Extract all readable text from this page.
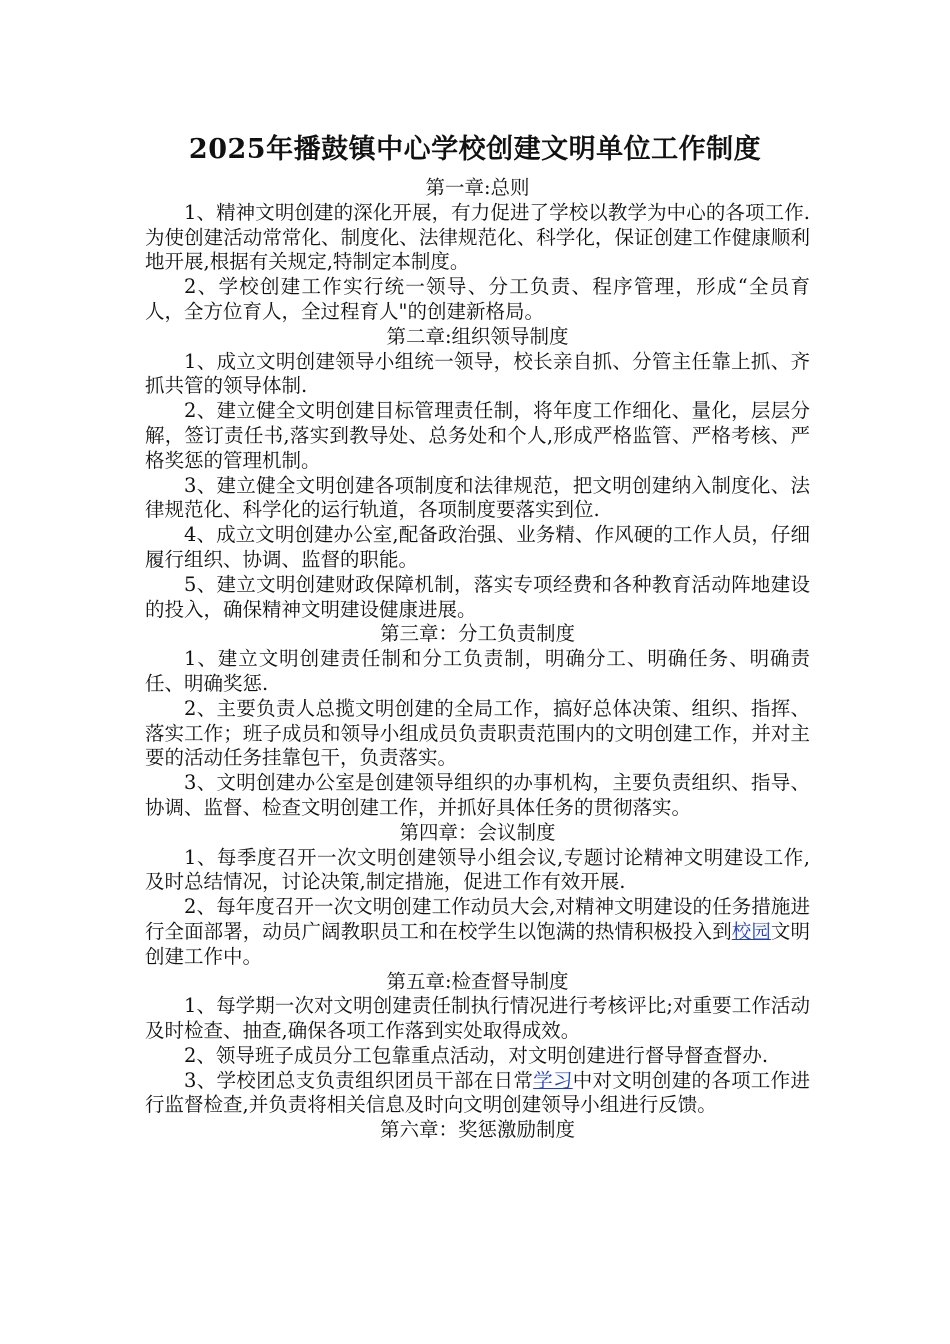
2025年播鼓镇中心学校创建文明单位工作制度

第一章:总则

1、精神文明创建的深化开展，有力促进了学校以教学为中心的各项工作.为使创建活动常常化、制度化、法律规范化、科学化，保证创建工作健康顺利地开展,根据有关规定,特制定本制度。

2、学校创建工作实行统一领导、分工负责、程序管理，形成“全员育人，全方位育人，全过程育人"的创建新格局。

第二章:组织领导制度

1、成立文明创建领导小组统一领导，校长亲自抓、分管主任靠上抓、齐抓共管的领导体制.

2、建立健全文明创建目标管理责任制，将年度工作细化、量化，层层分解，签订责任书,落实到教导处、总务处和个人,形成严格监管、严格考核、严格奖惩的管理机制。

3、建立健全文明创建各项制度和法律规范，把文明创建纳入制度化、法律规范化、科学化的运行轨道，各项制度要落实到位.

4、成立文明创建办公室,配备政治强、业务精、作风硬的工作人员，仔细履行组织、协调、监督的职能。

5、建立文明创建财政保障机制，落实专项经费和各种教育活动阵地建设的投入，确保精神文明建设健康进展。

第三章：分工负责制度

1、建立文明创建责任制和分工负责制，明确分工、明确任务、明确责任、明确奖惩.

2、主要负责人总揽文明创建的全局工作，搞好总体决策、组织、指挥、落实工作；班子成员和领导小组成员负责职责范围内的文明创建工作，并对主要的活动任务挂靠包干，负责落实。

3、文明创建办公室是创建领导组织的办事机构，主要负责组织、指导、协调、监督、检查文明创建工作，并抓好具体任务的贯彻落实。

第四章：会议制度

1、每季度召开一次文明创建领导小组会议,专题讨论精神文明建设工作,及时总结情况，讨论决策,制定措施，促进工作有效开展.

2、每年度召开一次文明创建工作动员大会,对精神文明建设的任务措施进行全面部署，动员广阔教职员工和在校学生以饱满的热情积极投入到校园文明创建工作中。

第五章:检查督导制度

1、每学期一次对文明创建责任制执行情况进行考核评比;对重要工作活动及时检查、抽查,确保各项工作落到实处取得成效。

2、领导班子成员分工包靠重点活动，对文明创建进行督导督查督办.

3、学校团总支负责组织团员干部在日常学习中对文明创建的各项工作进行监督检查,并负责将相关信息及时向文明创建领导小组进行反馈。

第六章：奖惩激励制度
